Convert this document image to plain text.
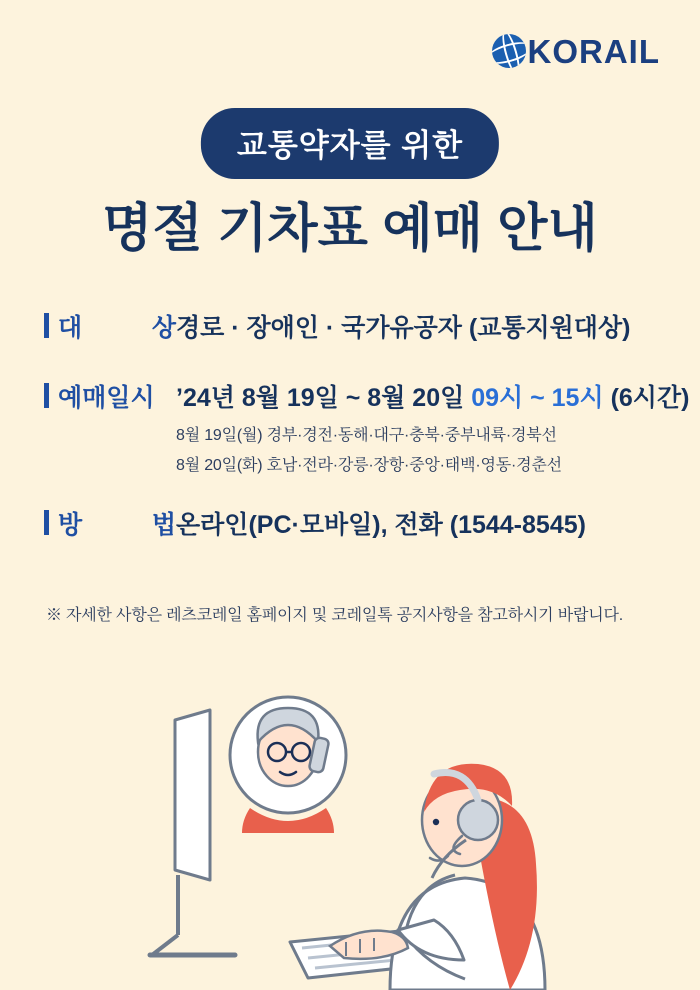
KORAIL
교통약자를 위한
명절 기차표 예매 안내
대	상 경로 · 장애인 · 국가유공자 (교통지원대상)
예매일시 ’24년 8월 19일 ~ 8월 20일 09시 ~ 15시 (6시간)
8월 19일(월) 경부·경전·동해·대구·충북·중부내륙·경북선
8월 20일(화) 호남·전라·강릉·장항·중앙·태백·영동·경춘선
방	법 온라인(PC·모바일), 전화 (1544-8545)
※ 자세한 사항은 레츠코레일 홈페이지 및 코레일톡 공지사항을 참고하시기 바랍니다.
